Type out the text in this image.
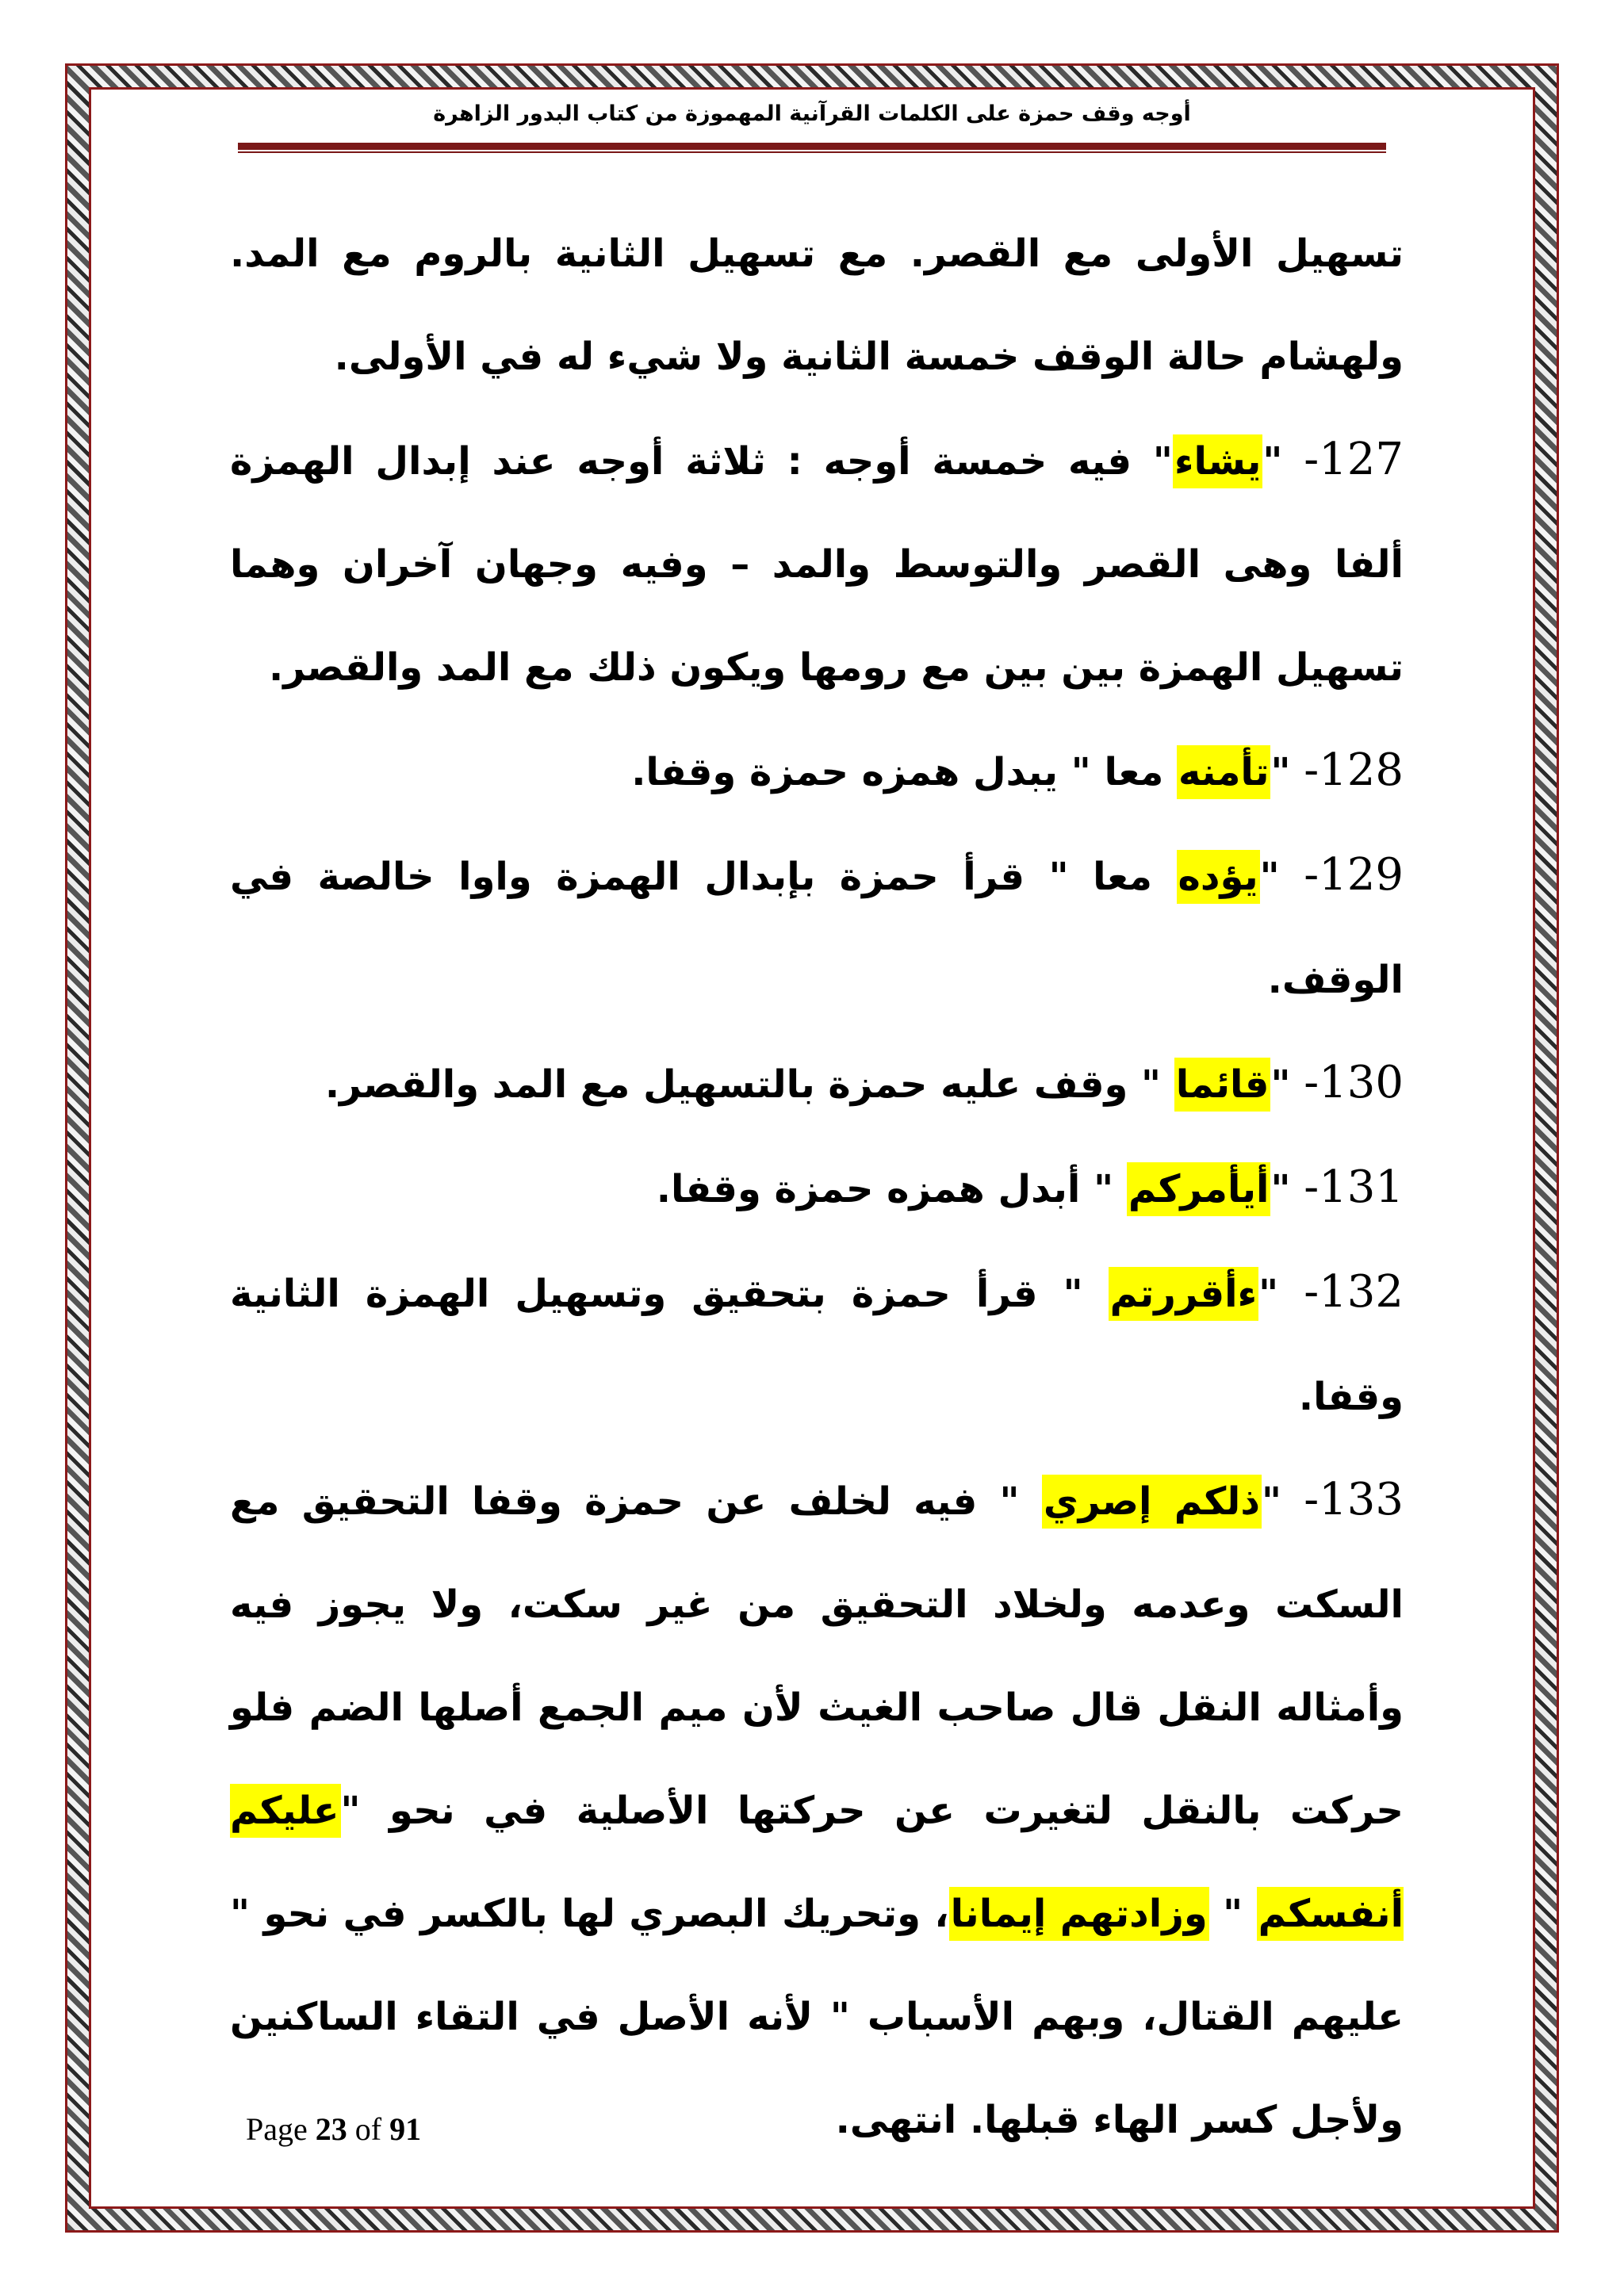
أوجه وقف حمزة على الكلمات القرآنية المهموزة من كتاب البدور الزاهرة

تسهيل الأولى مع القصر. مع تسهيل الثانية بالروم مع المد. ولهشام حالة الوقف خمسة الثانية ولا شيء له في الأولى.

127- "يشاء" فيه خمسة أوجه : ثلاثة أوجه عند إبدال الهمزة ألفا وهى القصر والتوسط والمد – وفيه وجهان آخران وهما تسهيل الهمزة بين بين مع رومها ويكون ذلك مع المد والقصر.

128- "تأمنه معا " يبدل همزه حمزة وقفا.

129- "يؤده معا " قرأ حمزة بإبدال الهمزة واوا خالصة في الوقف.

130- "قائما " وقف عليه حمزة بالتسهيل مع المد والقصر.

131- "أيأمركم " أبدل همزه حمزة وقفا.

132- "ءأقررتم " قرأ حمزة بتحقيق وتسهيل الهمزة الثانية وقفا.

133- "ذلكم إصري " فيه لخلف عن حمزة وقفا التحقيق مع السكت وعدمه ولخلاد التحقيق من غير سكت، ولا يجوز فيه وأمثاله النقل قال صاحب الغيث لأن ميم الجمع أصلها الضم فلو حركت بالنقل لتغيرت عن حركتها الأصلية في نحو "عليكم أنفسكم " وزادتهم إيمانا، وتحريك البصري لها بالكسر في نحو " عليهم القتال، وبهم الأسباب " لأنه الأصل في التقاء الساكنين ولأجل كسر الهاء قبلها. انتهى.

Page 23 of 91
